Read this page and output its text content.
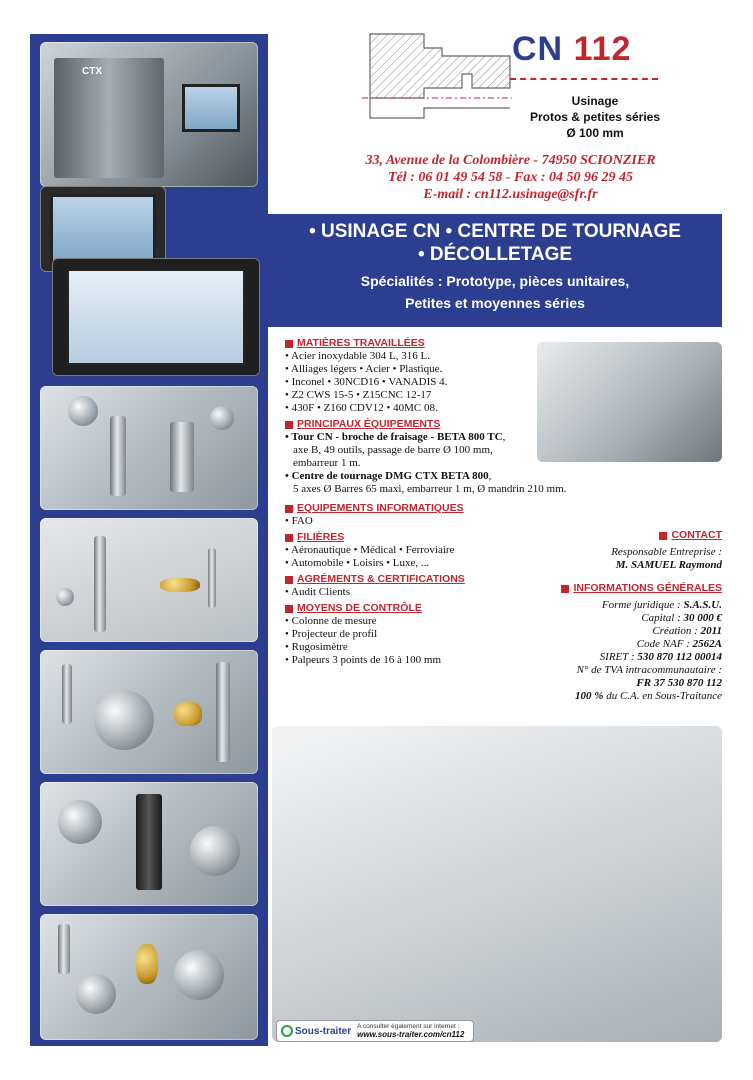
CTX
CN 112
Usinage
Protos & petites séries
Ø 100 mm
33, Avenue de la Colombière - 74950 SCIONZIER
Tél : 06 01 49 54 58 - Fax : 04 50 96 29 45
E-mail : cn112.usinage@sfr.fr
• USINAGE CN • CENTRE DE TOURNAGE
• DÉCOLLETAGE
Spécialités : Prototype, pièces unitaires,
Petites et moyennes séries
MATIÈRES TRAVAILLÉES
• Acier inoxydable 304 L, 316 L.
• Alliages légers • Acier • Plastique.
• Inconel • 30NCD16 • VANADIS 4.
• Z2 CWS 15-5 • Z15CNC 12-17
• 430F • Z160 CDV12 • 40MC 08.
PRINCIPAUX ÉQUIPEMENTS
• Tour CN - broche de fraisage - BETA 800 TC,
axe B, 49 outils, passage de barre Ø 100 mm,
embarreur 1 m.
• Centre de tournage DMG CTX BETA 800,
5 axes Ø Barres 65 maxi, embarreur 1 m, Ø mandrin 210 mm.
EQUIPEMENTS INFORMATIQUES
• FAO
FILIÈRES
• Aéronautique • Médical • Ferroviaire
• Automobile • Loisirs • Luxe, ...
AGRÉMENTS & CERTIFICATIONS
• Audit Clients
MOYENS DE CONTRÔLE
• Colonne de mesure
• Projecteur de profil
• Rugosimètre
• Palpeurs 3 points de 16 à 100 mm
CONTACT
Responsable Entreprise :
M. SAMUEL Raymond
INFORMATIONS GÉNÉRALES
Forme juridique : S.A.S.U.
Capital : 30 000 €
Création : 2011
Code NAF : 2562A
SIRET : 530 870 112 00014
N° de TVA intracommunautaire :
FR 37 530 870 112
100 % du C.A. en Sous-Traitance
Sous-traiter A consulter également sur internet :
www.sous-traiter.com/cn112
